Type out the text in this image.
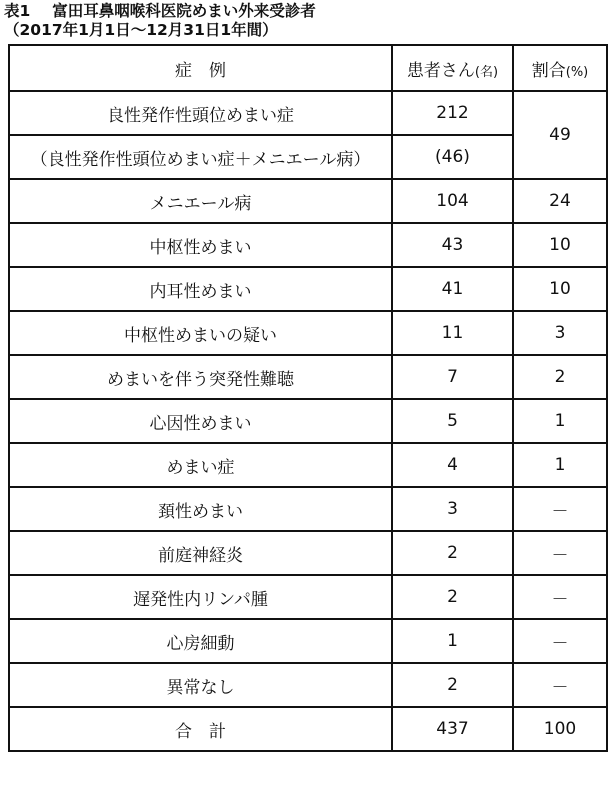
表1 富田耳鼻咽喉科医院めまい外来受診者
（2017年1月1日～12月31日1年間）
症　例	患者さん(名)	割合(%)
良性発作性頭位めまい症	212	49
（良性発作性頭位めまい症＋メニエール病）	(46)	
メニエール病	104	24
中枢性めまい	43	10
内耳性めまい	41	10
中枢性めまいの疑い	11	3
めまいを伴う突発性難聴	7	2
心因性めまい	5	1
めまい症	4	1
頚性めまい	3	－
前庭神経炎	2	－
遅発性内リンパ腫	2	－
心房細動	1	－
異常なし	2	－
合　計	437	100
